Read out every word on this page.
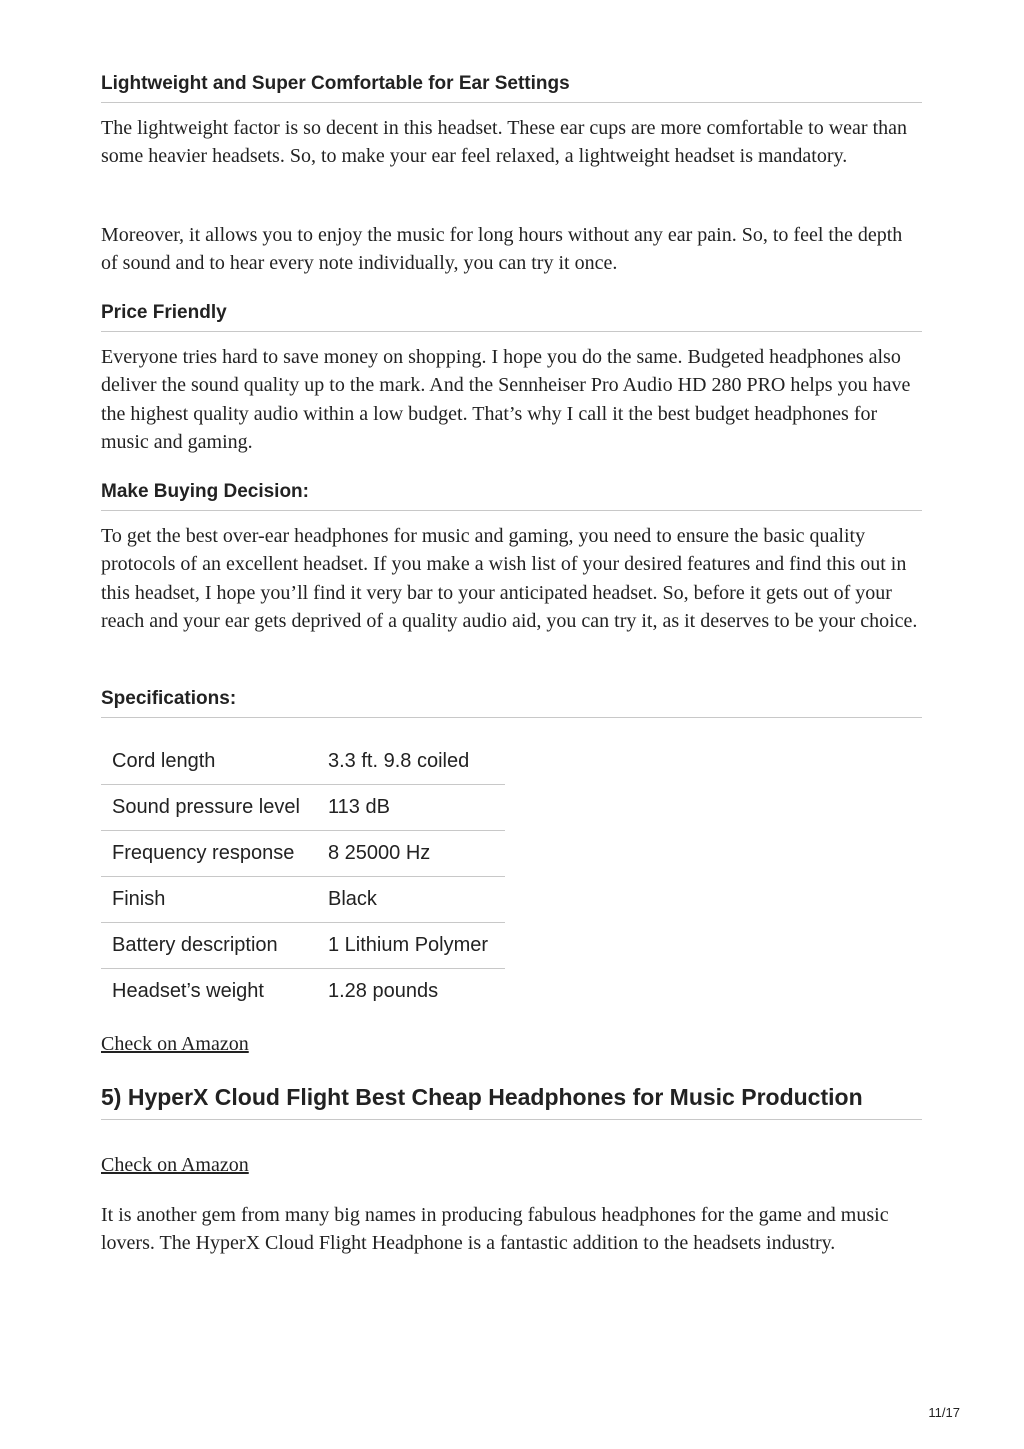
Lightweight and Super Comfortable for Ear Settings

The lightweight factor is so decent in this headset. These ear cups are more comfortable to wear than some heavier headsets. So, to make your ear feel relaxed, a lightweight headset is mandatory.

Moreover, it allows you to enjoy the music for long hours without any ear pain. So, to feel the depth of sound and to hear every note individually, you can try it once.

Price Friendly

Everyone tries hard to save money on shopping. I hope you do the same. Budgeted headphones also deliver the sound quality up to the mark. And the Sennheiser Pro Audio HD 280 PRO helps you have the highest quality audio within a low budget. That’s why I call it the best budget headphones for music and gaming.

Make Buying Decision:

To get the best over-ear headphones for music and gaming, you need to ensure the basic quality protocols of an excellent headset. If you make a wish list of your desired features and find this out in this headset, I hope you’ll find it very bar to your anticipated headset. So, before it gets out of your reach and your ear gets deprived of a quality audio aid, you can try it, as it deserves to be your choice.

Specifications:
Cord length	3.3 ft. 9.8 coiled
Sound pressure level	113 dB
Frequency response	8 25000 Hz
Finish	Black
Battery description	1 Lithium Polymer
Headset’s weight	1.28 pounds
Check on Amazon
5) HyperX Cloud Flight Best Cheap Headphones for Music Production
Check on Amazon

It is another gem from many big names in producing fabulous headphones for the game and music lovers. The HyperX Cloud Flight Headphone is a fantastic addition to the headsets industry.

11/17
